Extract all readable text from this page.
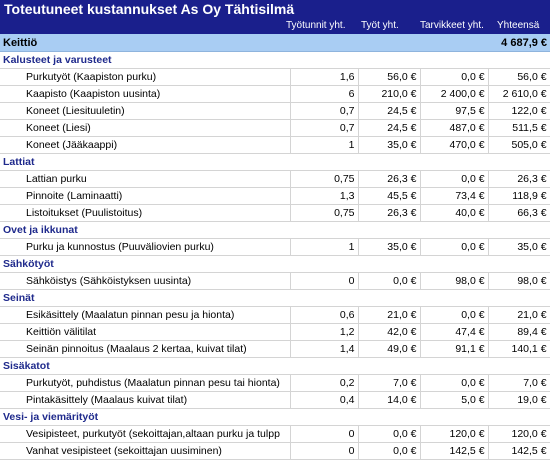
Toteutuneet kustannukset As Oy Tähtisilmä
Työtunnit yht. Työt yht. Tarvikkeet yht. Yhteensä
Keittiö				4 687,9 €
Kalusteet ja varusteet				
Purkutyöt (Kaapiston purku)	1,6	56,0 €	0,0 €	56,0 €
Kaapisto (Kaapiston uusinta)	6	210,0 €	2 400,0 €	2 610,0 €
Koneet (Liesituuletin)	0,7	24,5 €	97,5 €	122,0 €
Koneet (Liesi)	0,7	24,5 €	487,0 €	511,5 €
Koneet (Jääkaappi)	1	35,0 €	470,0 €	505,0 €
Lattiat				
Lattian purku	0,75	26,3 €	0,0 €	26,3 €
Pinnoite (Laminaatti)	1,3	45,5 €	73,4 €	118,9 €
Listoitukset (Puulistoitus)	0,75	26,3 €	40,0 €	66,3 €
Ovet ja ikkunat				
Purku ja kunnostus (Puuväliovien purku)	1	35,0 €	0,0 €	35,0 €
Sähkötyöt				
Sähköistys (Sähköistyksen uusinta)	0	0,0 €	98,0 €	98,0 €
Seinät				
Esikäsittely (Maalatun pinnan pesu ja hionta)	0,6	21,0 €	0,0 €	21,0 €
Keittiön välitilat	1,2	42,0 €	47,4 €	89,4 €
Seinän pinnoitus (Maalaus 2 kertaa, kuivat tilat)	1,4	49,0 €	91,1 €	140,1 €
Sisäkatot				
Purkutyöt, puhdistus (Maalatun pinnan pesu tai hionta)	0,2	7,0 €	0,0 €	7,0 €
Pintakäsittely (Maalaus kuivat tilat)	0,4	14,0 €	5,0 €	19,0 €
Vesi- ja viemärityöt				
Vesipisteet, purkutyöt (sekoittajan,altaan purku ja tulpp	0	0,0 €	120,0 €	120,0 €
Vanhat vesipisteet (sekoittajan uusiminen)	0	0,0 €	142,5 €	142,5 €
